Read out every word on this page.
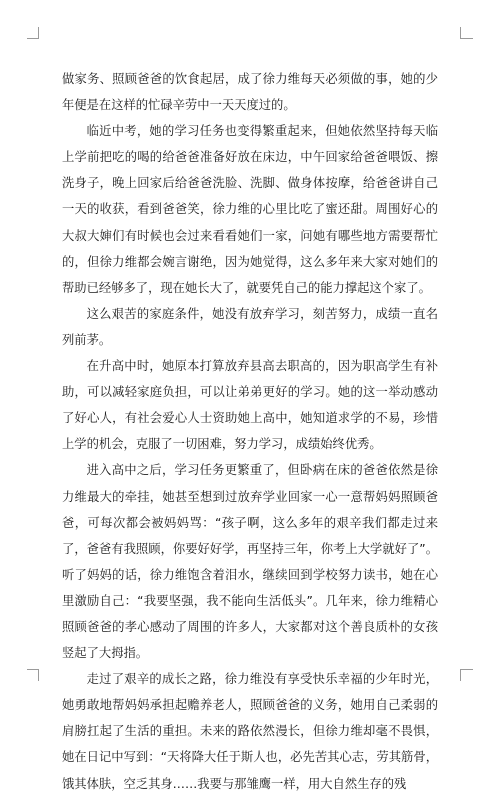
做家务、照顾爸爸的饮食起居，成了徐力维每天必须做的事，她的少年便是在这样的忙碌辛劳中一天天度过的。

临近中考，她的学习任务也变得繁重起来，但她依然坚持每天临上学前把吃的喝的给爸爸准备好放在床边，中午回家给爸爸喂饭、擦洗身子，晚上回家后给爸爸洗脸、洗脚、做身体按摩，给爸爸讲自己一天的收获，看到爸爸笑，徐力维的心里比吃了蜜还甜。周围好心的大叔大婶们有时候也会过来看看她们一家，问她有哪些地方需要帮忙的，但徐力维都会婉言谢绝，因为她觉得，这么多年来大家对她们的帮助已经够多了，现在她长大了，就要凭自己的能力撑起这个家了。

这么艰苦的家庭条件，她没有放弃学习，刻苦努力，成绩一直名列前茅。

在升高中时，她原本打算放弃县高去职高的，因为职高学生有补助，可以减轻家庭负担，可以让弟弟更好的学习。她的这一举动感动了好心人，有社会爱心人士资助她上高中，她知道求学的不易，珍惜上学的机会，克服了一切困难，努力学习，成绩始终优秀。

进入高中之后，学习任务更繁重了，但卧病在床的爸爸依然是徐力维最大的牵挂，她甚至想到过放弃学业回家一心一意帮妈妈照顾爸爸，可每次都会被妈妈骂：“孩子啊，这么多年的艰辛我们都走过来了，爸爸有我照顾，你要好好学，再坚持三年，你考上大学就好了”。听了妈妈的话，徐力维饱含着泪水，继续回到学校努力读书，她在心里激励自己：“我要坚强，我不能向生活低头”。几年来，徐力维精心照顾爸爸的孝心感动了周围的许多人，大家都对这个善良质朴的女孩竖起了大拇指。

走过了艰辛的成长之路，徐力维没有享受快乐幸福的少年时光，她勇敢地帮妈妈承担起赡养老人，照顾爸爸的义务，她用自己柔弱的肩膀扛起了生活的重担。未来的路依然漫长，但徐力维却毫不畏惧，她在日记中写到：“天将降大任于斯人也，必先苦其心志，劳其筋骨，饿其体肤，空乏其身……我要与那雏鹰一样，用大自然生存的残
